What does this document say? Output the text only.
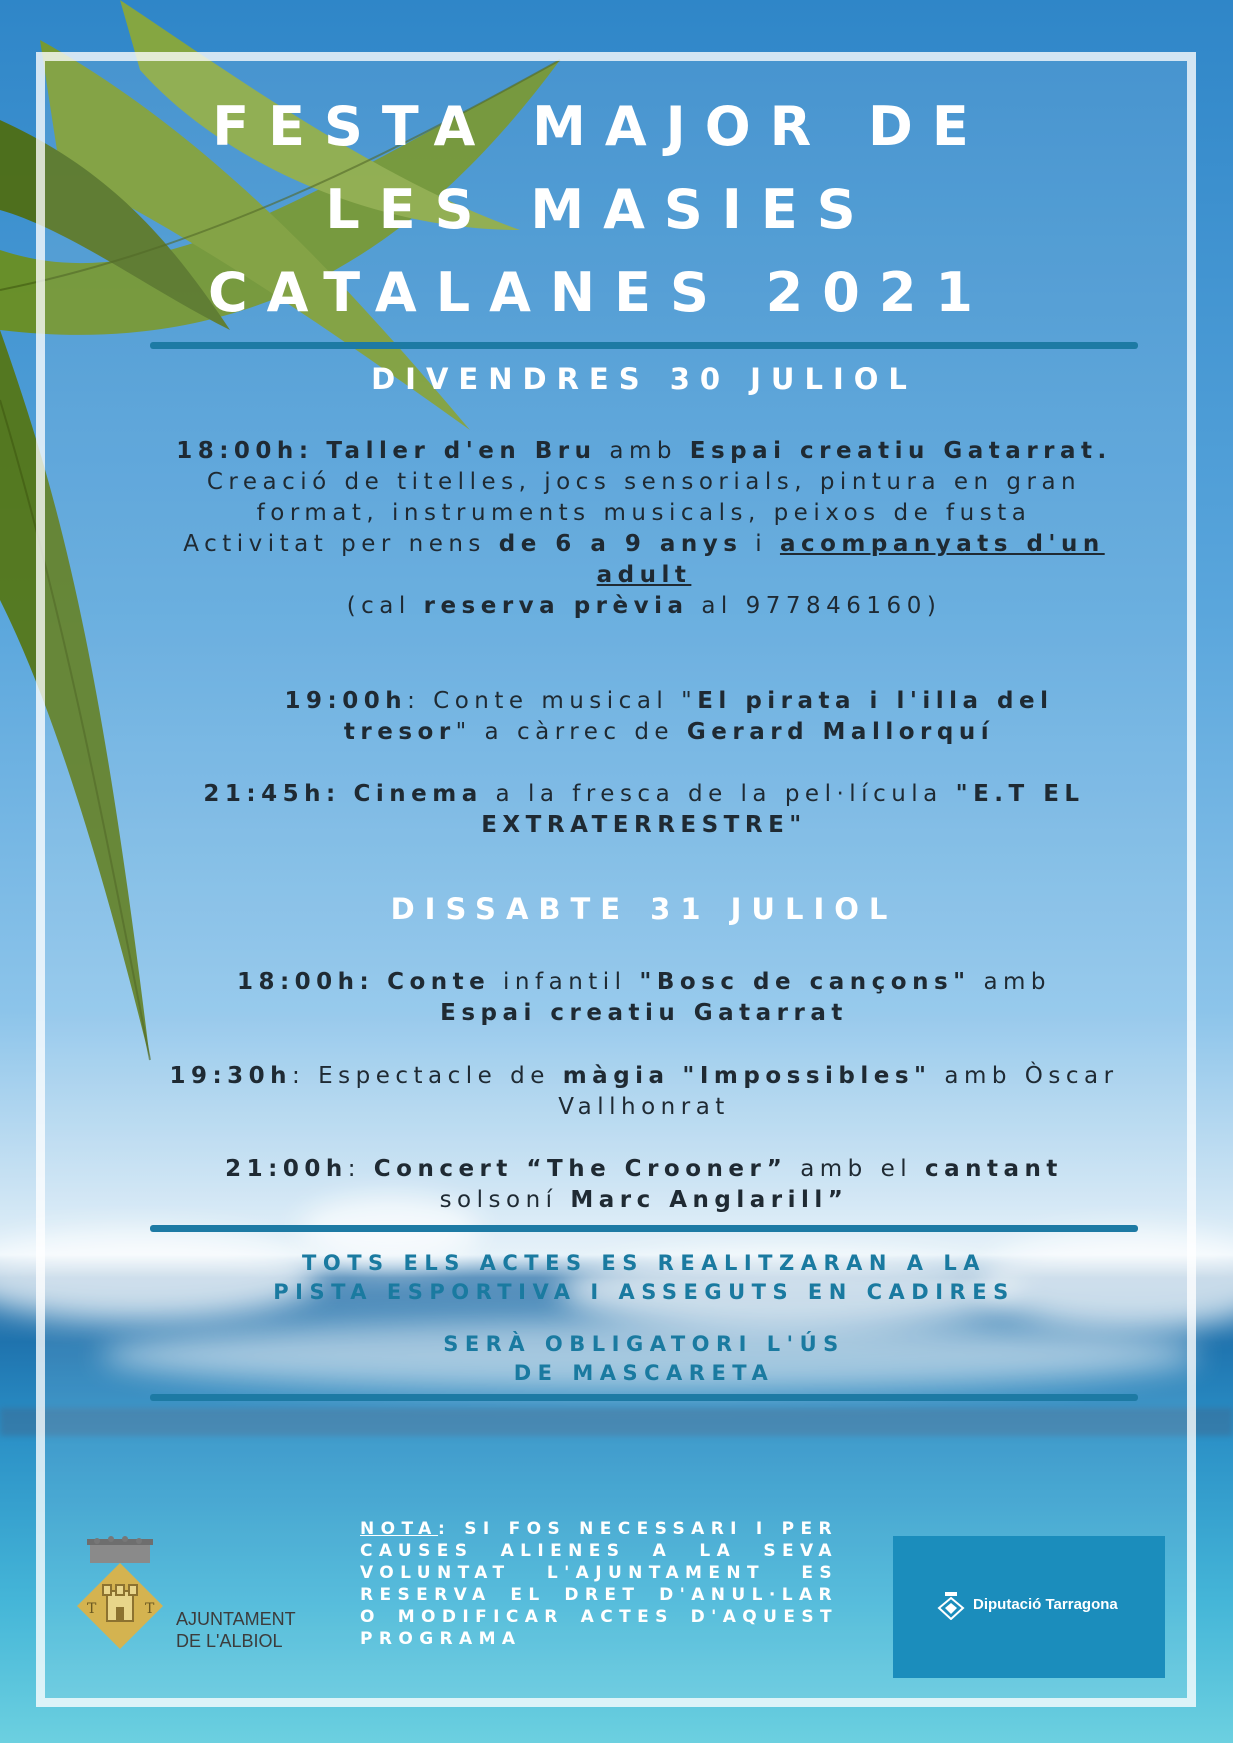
FESTA MAJOR DE
LES MASIES
CATALANES 2021
DIVENDRES 30 JULIOL

18:00h: Taller d'en Bru amb Espai creatiu Gatarrat. Creació de titelles, jocs sensorials, pintura en gran format, instruments musicals, peixos de fusta
Activitat per nens de 6 a 9 anys i acompanyats d'un adult
(cal reserva prèvia al 977846160)

19:00h: Conte musical "El pirata i l'illa del tresor" a càrrec de Gerard Mallorquí

21:45h: Cinema a la fresca de la pel·lícula "E.T EL EXTRATERRESTRE"

DISSABTE 31 JULIOL

18:00h: Conte infantil "Bosc de cançons" amb
Espai creatiu Gatarrat

19:30h: Espectacle de màgia "Impossibles" amb Òscar Vallhonrat

21:00h: Concert “The Crooner” amb el cantant
solsoní Marc Anglarill”

TOTS ELS ACTES ES REALITZARAN A LA
PISTA ESPORTIVA I ASSEGUTS EN CADIRES

SERÀ OBLIGATORI L'ÚS
DE MASCARETA

T	T AJUNTAMENT
DE L'ALBIOL

NOTA: SI FOS NECESSARI I PER CAUSES ALIENES A LA SEVA VOLUNTAT L'AJUNTAMENT ES RESERVA EL DRET D'ANUL·LAR O MODIFICAR ACTES D'AQUEST PROGRAMA

Diputació Tarragona
